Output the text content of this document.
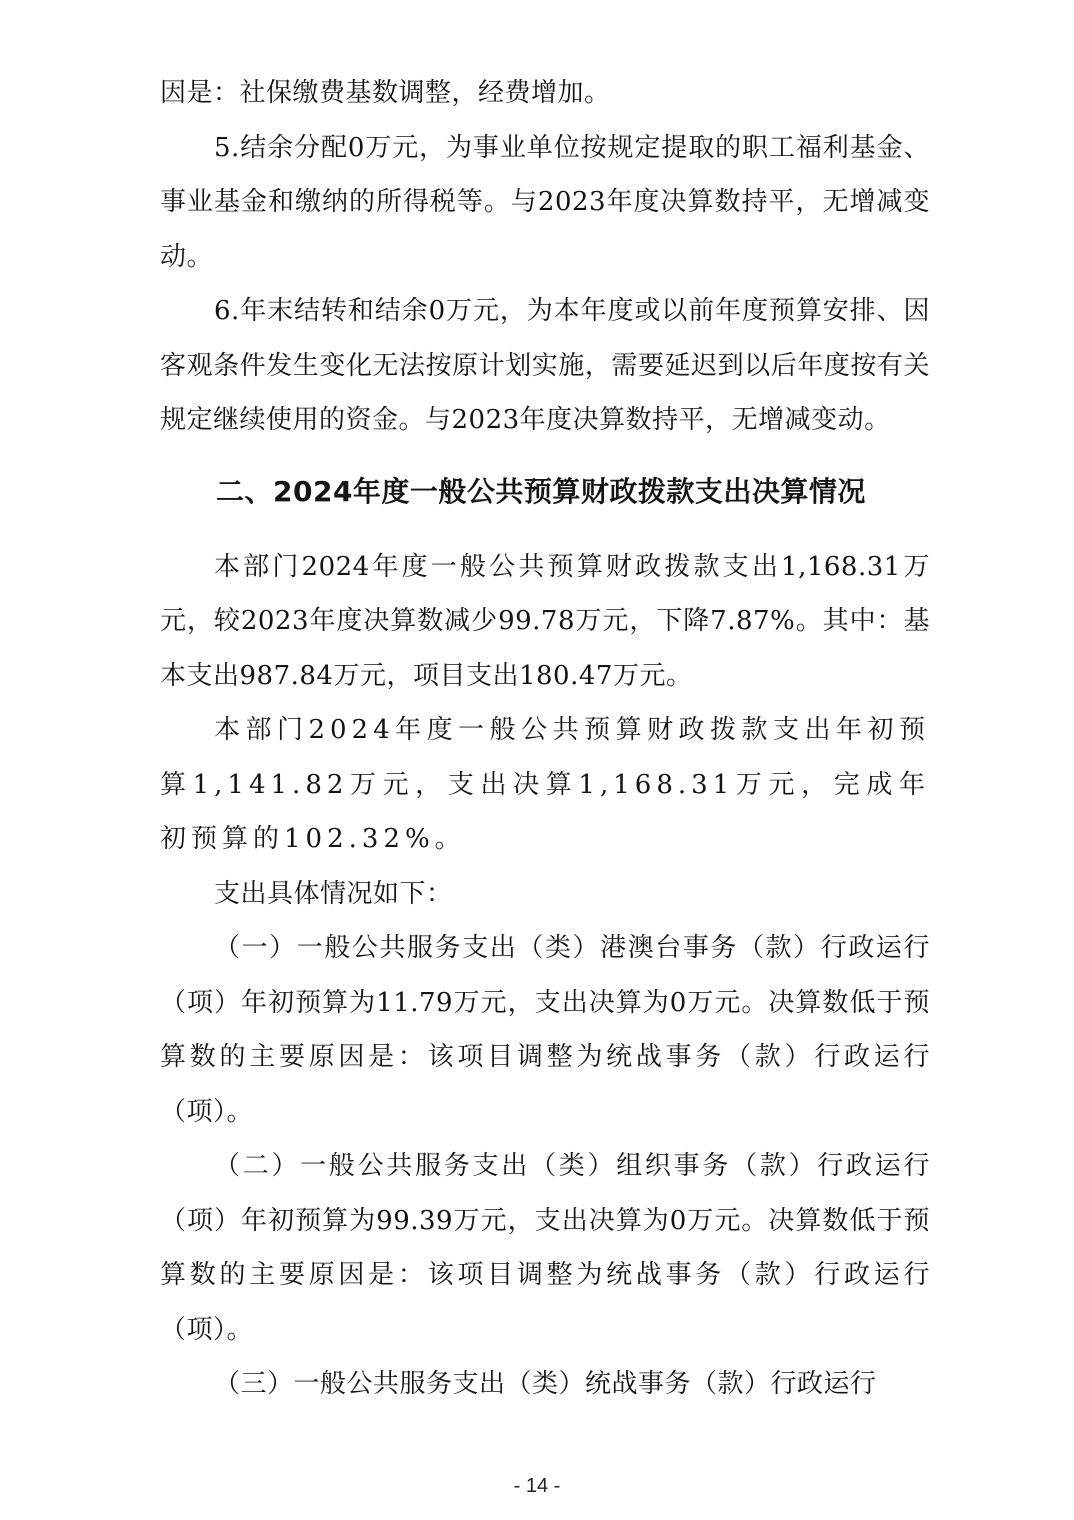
因是：社保缴费基数调整，经费增加。

5.结余分配0万元，为事业单位按规定提取的职工福利基金、事业基金和缴纳的所得税等。与2023年度决算数持平，无增减变动。

6.年末结转和结余0万元，为本年度或以前年度预算安排、因客观条件发生变化无法按原计划实施，需要延迟到以后年度按有关规定继续使用的资金。与2023年度决算数持平，无增减变动。

二、2024年度一般公共预算财政拨款支出决算情况

本部门2024年度一般公共预算财政拨款支出1,168.31万元，较2023年度决算数减少99.78万元，下降7.87%。其中：基本支出987.84万元，项目支出180.47万元。

本部门2024年度一般公共预算财政拨款支出年初预算1,141.82万元，支出决算1,168.31万元，完成年初预算的102.32%。

支出具体情况如下：

（一）一般公共服务支出（类）港澳台事务（款）行政运行（项）年初预算为11.79万元，支出决算为0万元。决算数低于预算数的主要原因是：该项目调整为统战事务（款）行政运行（项）。

（二）一般公共服务支出（类）组织事务（款）行政运行（项）年初预算为99.39万元，支出决算为0万元。决算数低于预算数的主要原因是：该项目调整为统战事务（款）行政运行（项）。

（三）一般公共服务支出（类）统战事务（款）行政运行

- 14 -
